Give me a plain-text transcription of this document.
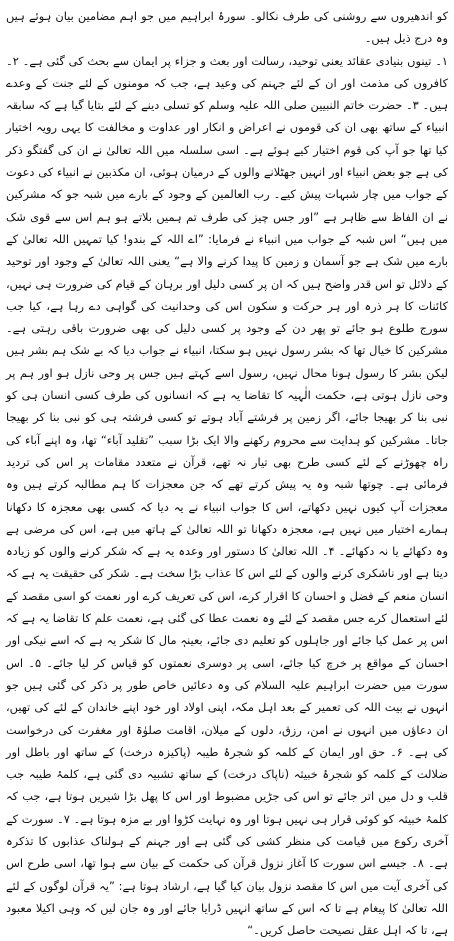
کو اندھیروں سے روشنی کی طرف نکالو۔ سورۂ ابراہیم میں جو اہم مضامین بیان ہوئے ہیں وہ درج ذیل ہیں۔

۱۔ تینوں بنیادی عقائد یعنی توحید، رسالت اور بعث و جزاء پر ایمان سے بحث کی گئی ہے۔ ۲۔ کافروں کی مذمت اور ان کے لئے جہنم کی وعید ہے، جب کہ مومنوں کے لئے جنت کے وعدے ہیں۔ ۳۔ حضرت خاتم النبیین صلی اللہ علیہ وسلم کو تسلی دینے کے لئے بتایا گیا ہے کہ سابقہ انبیاء کے ساتھ بھی ان کی قوموں نے اعراض و انکار اور عداوت و مخالفت کا یہی رویہ اختیار کیا تھا جو آپ کی قوم اختیار کیے ہوئے ہے۔ اسی سلسلہ میں اللہ تعالیٰ نے ان کی گفتگو ذکر کی ہے جو بعض انبیاء اور انہیں جھٹلانے والوں کے درمیان ہوئی، ان مکذبین نے انبیاء کی دعوت کے جواب میں چار شبہات پیش کیے۔ رب العالمین کے وجود کے بارے میں شبہ جو کہ مشرکین نے ان الفاظ سے ظاہر ہے ”اور جس چیز کی طرف تم ہمیں بلاتے ہو ہم اس سے قوی شک میں ہیں“ اس شبہ کے جواب میں انبیاء نے فرمایا: ”اے اللہ کے بندو! کیا تمہیں اللہ تعالیٰ کے بارے میں شک ہے جو آسمان و زمین کا پیدا کرنے والا ہے“ یعنی اللہ تعالیٰ کے وجود اور توحید کے دلائل تو اس قدر واضح ہیں کہ ان پر کسی دلیل اور برہان کے قیام کی ضرورت ہی نہیں، کائنات کا ہر ذرہ اور ہر حرکت و سکون اس کی وحدانیت کی گواہی دے رہا ہے، کیا جب سورج طلوع ہو جائے تو پھر دن کے وجود پر کسی دلیل کی بھی ضرورت باقی رہتی ہے۔ مشرکین کا خیال تھا کہ بشر رسول نہیں ہو سکتا، انبیاء نے جواب دیا کہ بے شک ہم بشر ہیں لیکن بشر کا رسول ہونا محال نہیں، رسول اسے کہتے ہیں جس پر وحی نازل ہو اور ہم پر وحی نازل ہوتی ہے، حکمت الٰہیہ کا تقاضا یہ ہے کہ انسانوں کی طرف کسی انسان ہی کو نبی بنا کر بھیجا جائے، اگر زمین پر فرشتے آباد ہوتے تو کسی فرشتہ ہی کو نبی بنا کر بھیجا جاتا۔ مشرکین کو ہدایت سے محروم رکھنے والا ایک بڑا سبب ”تقلید آباء“ تھا، وہ اپنے آباء کی راہ چھوڑنے کے لئے کسی طرح بھی تیار نہ تھے، قرآن نے متعدد مقامات پر اس کی تردید فرمائی ہے۔ چوتھا شبہ وہ یہ پیش کرتے تھے کہ جن معجزات کا ہم مطالبہ کرتے ہیں وہ معجزات آپ کیوں نہیں دکھاتے، اس کا جواب انبیاء نے یہ دیا کہ کسی بھی معجزہ کا دکھانا ہمارے اختیار میں نہیں ہے، معجزہ دکھانا تو اللہ تعالیٰ کے ہاتھ میں ہے، اس کی مرضی ہے وہ دکھائے یا نہ دکھائے۔ ۴۔ اللہ تعالیٰ کا دستور اور وعدہ یہ ہے کہ شکر کرنے والوں کو زیادہ دیتا ہے اور ناشکری کرنے والوں کے لئے اس کا عذاب بڑا سخت ہے۔ شکر کی حقیقت یہ ہے کہ انسان منعم کے فضل و احسان کا اقرار کرے، اس کی تعریف کرے اور نعمت کو اسی مقصد کے لئے استعمال کرے جس مقصد کے لئے وہ نعمت عطا کی گئی ہے، نعمت علم کا تقاضا یہ ہے کہ اس پر عمل کیا جائے اور جاہلوں کو تعلیم دی جائے، بعینہٖ مال کا شکر یہ ہے کہ اسے نیکی اور احسان کے مواقع پر خرچ کیا جائے، اسی پر دوسری نعمتوں کو قیاس کر لیا جائے۔ ۵۔ اس سورت میں حضرت ابراہیم علیہ السلام کی وہ دعائیں خاص طور پر ذکر کی گئی ہیں جو انہوں نے بیت اللہ کی تعمیر کے بعد اہل مکہ، اپنی اولاد اور خود اپنے خاندان کے لئے کی تھیں، ان دعاؤں میں انہوں نے امن، رزق، دلوں کے میلان، اقامت صلوٰۃ اور مغفرت کی درخواست کی ہے۔ ۶۔ حق اور ایمان کے کلمہ کو شجرۂ طیبہ (پاکیزہ درخت) کے ساتھ اور باطل اور ضلالت کے کلمہ کو شجرۂ خبیثہ (ناپاک درخت) کے ساتھ تشبیہ دی گئی ہے، کلمۂ طیبہ جب قلب و دل میں اتر جائے تو اس کی جڑیں مضبوط اور اس کا پھل بڑا شیریں ہوتا ہے، جب کہ کلمۂ خبیثہ کو کوئی قرار ہی نہیں ہوتا اور وہ نہایت کڑوا اور بے مزہ ہوتا ہے۔ ۷۔ سورت کے آخری رکوع میں قیامت کی منظر کشی کی گئی ہے اور جہنم کے ہولناک عذابوں کا تذکرہ ہے۔ ۸۔ جیسے اس سورت کا آغاز نزول قرآن کی حکمت کے بیان سے ہوا تھا، اسی طرح اس کی آخری آیت میں اس کا مقصد نزول بیان کیا گیا ہے، ارشاد ہوتا ہے: ”یہ قرآن لوگوں کے لئے اللہ تعالیٰ کا پیغام ہے تا کہ اس کے ساتھ انہیں ڈرایا جائے اور وہ جان لیں کہ وہی اکیلا معبود ہے، تا کہ اہل عقل نصیحت حاصل کریں۔“
